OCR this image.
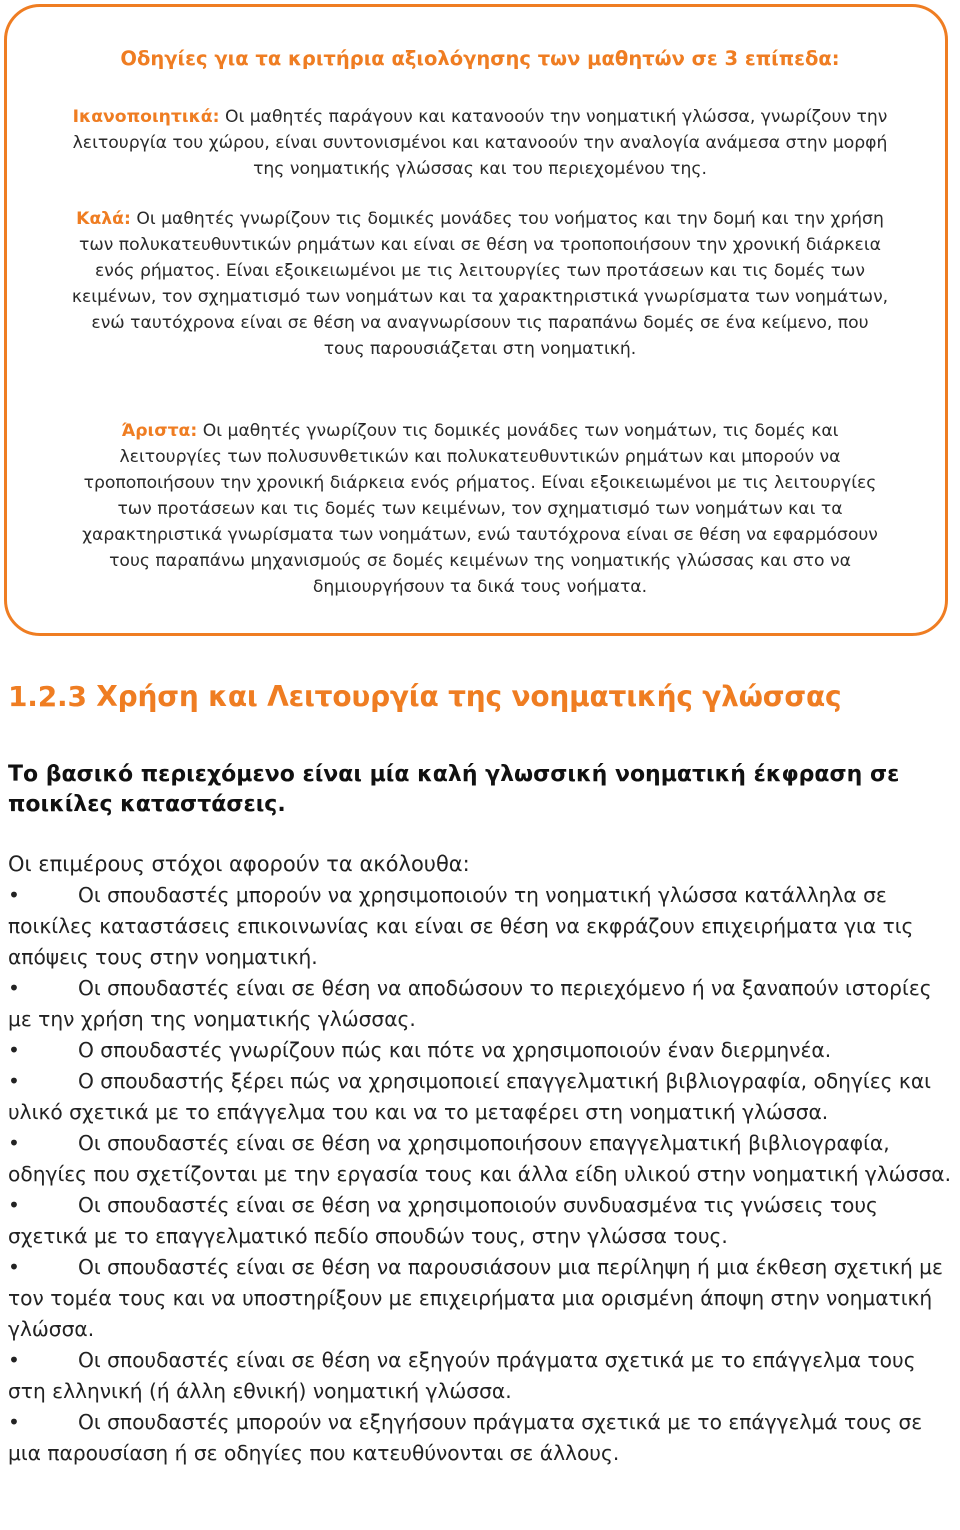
Οδηγίες για τα κριτήρια αξιολόγησης των μαθητών σε 3 επίπεδα:
Ικανοποιητικά: Οι μαθητές παράγουν και κατανοούν την νοηματική γλώσσα, γνωρίζουν την λειτουργία του χώρου, είναι συντονισμένοι και κατανοούν την αναλογία ανάμεσα στην μορφή της νοηματικής γλώσσας και του περιεχομένου της.
Καλά: Οι μαθητές γνωρίζουν τις δομικές μονάδες του νοήματος και την δομή και την χρήση των πολυκατευθυντικών ρημάτων και είναι σε θέση να τροποποιήσουν την χρονική διάρκεια ενός ρήματος. Είναι εξοικειωμένοι με τις λειτουργίες των προτάσεων και τις δομές των κειμένων, τον σχηματισμό των νοημάτων και τα χαρακτηριστικά γνωρίσματα των νοημάτων, ενώ ταυτόχρονα είναι σε θέση να αναγνωρίσουν τις παραπάνω δομές σε ένα κείμενο, που τους παρουσιάζεται στη νοηματική.
Άριστα: Οι μαθητές γνωρίζουν τις δομικές μονάδες των νοημάτων, τις δομές και λειτουργίες των πολυσυνθετικών και πολυκατευθυντικών ρημάτων και μπορούν να τροποποιήσουν την χρονική διάρκεια ενός ρήματος. Είναι εξοικειωμένοι με τις λειτουργίες των προτάσεων και τις δομές των κειμένων, τον σχηματισμό των νοημάτων και τα χαρακτηριστικά γνωρίσματα των νοημάτων, ενώ ταυτόχρονα είναι σε θέση να εφαρμόσουν τους παραπάνω μηχανισμούς σε δομές κειμένων της νοηματικής γλώσσας και στο να δημιουργήσουν τα δικά τους νοήματα.
1.2.3 Χρήση και Λειτουργία της νοηματικής γλώσσας
Το βασικό περιεχόμενο είναι μία καλή γλωσσική νοηματική έκφραση σε ποικίλες καταστάσεις.
Οι επιμέρους στόχοι αφορούν τα ακόλουθα:
•	Οι σπουδαστές μπορούν να χρησιμοποιούν τη νοηματική γλώσσα κατάλληλα σε ποικίλες καταστάσεις επικοινωνίας και είναι σε θέση να εκφράζουν επιχειρήματα για τις απόψεις τους στην νοηματική.
•	Οι σπουδαστές είναι σε θέση να αποδώσουν το περιεχόμενο ή να ξαναπούν ιστορίες με την χρήση της νοηματικής γλώσσας.
•	Ο σπουδαστές γνωρίζουν πώς και πότε να χρησιμοποιούν έναν διερμηνέα.
•	Ο σπουδαστής ξέρει πώς να χρησιμοποιεί επαγγελματική βιβλιογραφία, οδηγίες και υλικό σχετικά με το επάγγελμα του και να το μεταφέρει στη νοηματική γλώσσα.
•	Οι σπουδαστές είναι σε θέση να χρησιμοποιήσουν επαγγελματική βιβλιογραφία, οδηγίες που σχετίζονται με την εργασία τους και άλλα είδη υλικού στην νοηματική γλώσσα.
•	Οι σπουδαστές είναι σε θέση να χρησιμοποιούν συνδυασμένα τις γνώσεις τους σχετικά με το επαγγελματικό πεδίο σπουδών τους, στην γλώσσα τους.
•	Οι σπουδαστές είναι σε θέση να παρουσιάσουν μια περίληψη ή μια έκθεση σχετική με τον τομέα τους και να υποστηρίξουν με επιχειρήματα μια ορισμένη άποψη στην νοηματική γλώσσα.
•	Οι σπουδαστές είναι σε θέση να εξηγούν πράγματα σχετικά με το επάγγελμα τους στη ελληνική (ή άλλη εθνική) νοηματική γλώσσα.
•	Οι σπουδαστές μπορούν να εξηγήσουν πράγματα σχετικά με το επάγγελμά τους σε μια παρουσίαση ή σε οδηγίες που κατευθύνονται σε άλλους.
